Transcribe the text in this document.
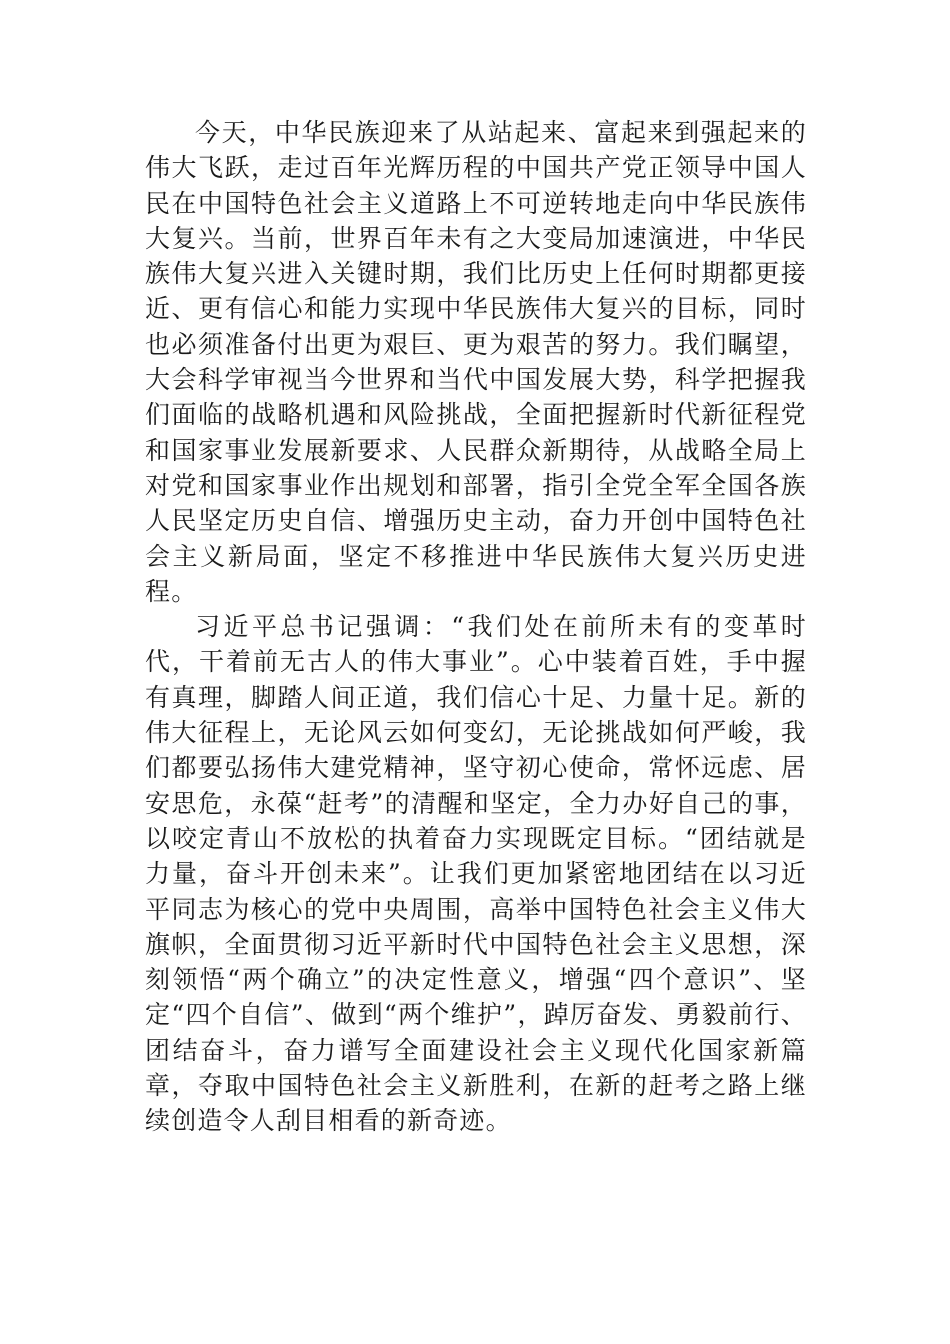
今天，中华民族迎来了从站起来、富起来到强起来的伟大飞跃，走过百年光辉历程的中国共产党正领导中国人民在中国特色社会主义道路上不可逆转地走向中华民族伟大复兴。当前，世界百年未有之大变局加速演进，中华民族伟大复兴进入关键时期，我们比历史上任何时期都更接近、更有信心和能力实现中华民族伟大复兴的目标，同时也必须准备付出更为艰巨、更为艰苦的努力。我们瞩望，大会科学审视当今世界和当代中国发展大势，科学把握我们面临的战略机遇和风险挑战，全面把握新时代新征程党和国家事业发展新要求、人民群众新期待，从战略全局上对党和国家事业作出规划和部署，指引全党全军全国各族人民坚定历史自信、增强历史主动，奋力开创中国特色社会主义新局面，坚定不移推进中华民族伟大复兴历史进程。

习近平总书记强调：“我们处在前所未有的变革时代，干着前无古人的伟大事业”。心中装着百姓，手中握有真理，脚踏人间正道，我们信心十足、力量十足。新的伟大征程上，无论风云如何变幻，无论挑战如何严峻，我们都要弘扬伟大建党精神，坚守初心使命，常怀远虑、居安思危，永葆“赶考”的清醒和坚定，全力办好自己的事，以咬定青山不放松的执着奋力实现既定目标。“团结就是力量，奋斗开创未来”。让我们更加紧密地团结在以习近平同志为核心的党中央周围，高举中国特色社会主义伟大旗帜，全面贯彻习近平新时代中国特色社会主义思想，深刻领悟“两个确立”的决定性意义，增强“四个意识”、坚定“四个自信”、做到“两个维护”，踔厉奋发、勇毅前行、团结奋斗，奋力谱写全面建设社会主义现代化国家新篇章，夺取中国特色社会主义新胜利，在新的赶考之路上继续创造令人刮目相看的新奇迹。
